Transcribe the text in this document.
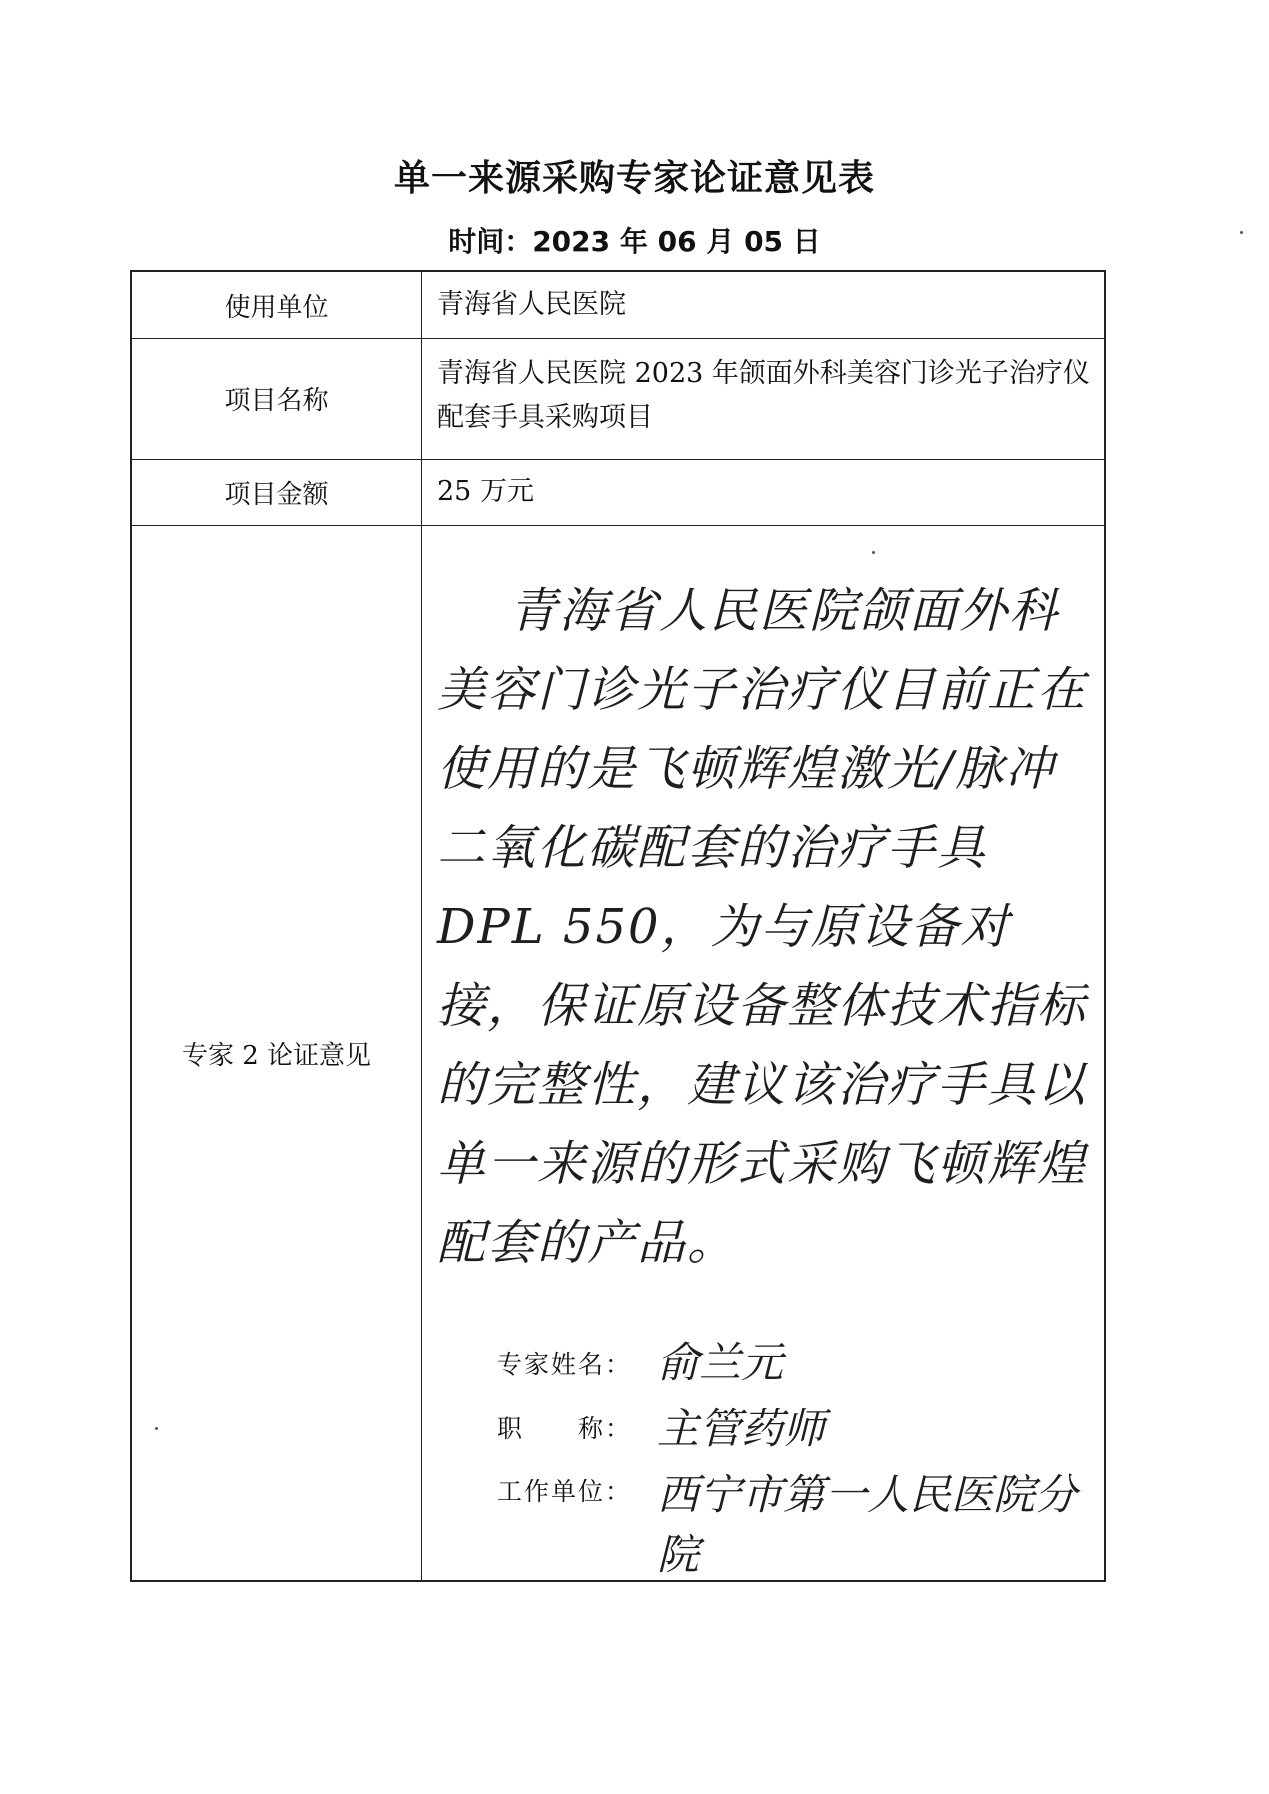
单一来源采购专家论证意见表
时间：2023 年 06 月 05 日
使用单位	青海省人民医院
项目名称
青海省人民医院 2023 年颌面外科美容门诊光子治疗仪配套手具采购项目
项目金额	25 万元
专家 2 论证意见
青海省人民医院颌面外科美容门诊光子治疗仪目前正在使用的是飞顿辉煌激光/脉冲二氧化碳配套的治疗手具DPL 550，为与原设备对接，保证原设备整体技术指标的完整性，建议该治疗手具以单一来源的形式采购飞顿辉煌配套的产品。
专家姓名： 俞兰元
职　　称： 主管药师
工作单位： 西宁市第一人民医院分院
